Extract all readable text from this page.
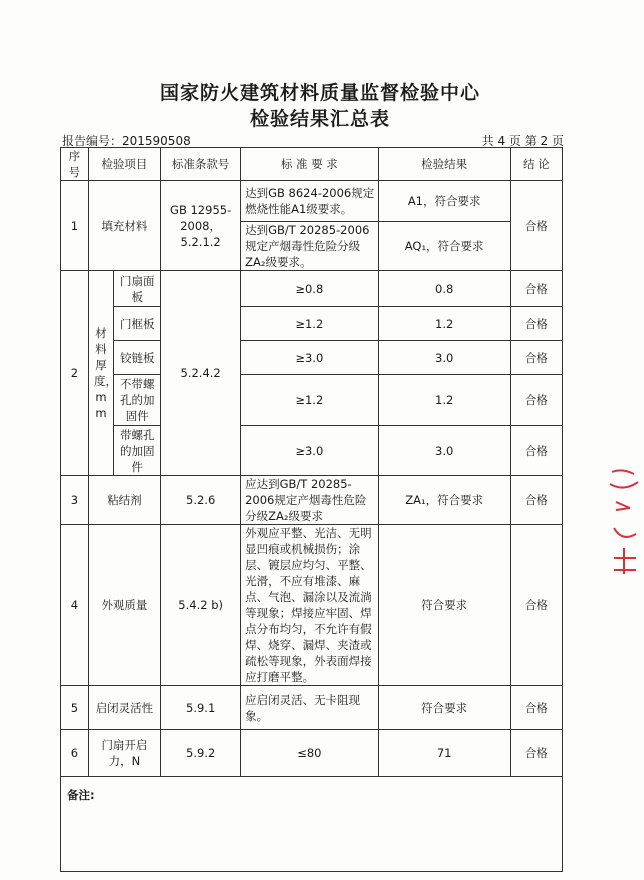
国家防火建筑材料质量监督检验中心
检验结果汇总表
报告编号：201590508	共 4 页 第 2 页
序号	检验项目		标准条款号	标 准 要 求	检验结果	结 论
1	填充材料		GB 12955-2008，5.2.1.2	达到GB 8624-2006规定燃烧性能A1级要求。	A1，符合要求	合格
				达到GB/T 20285-2006规定产烟毒性危险分级ZA₂级要求。	AQ₁，符合要求	
2	材料厚度，mm	门扇面板	5.2.4.2	≥0.8	0.8	合格
		门框板		≥1.2	1.2	合格
		铰链板		≥3.0	3.0	合格
		不带螺孔的加固件		≥1.2	1.2	合格
		带螺孔的加固件		≥3.0	3.0	合格
3	粘结剂		5.2.6	应达到GB/T 20285-2006规定产烟毒性危险分级ZA₂级要求	ZA₁，符合要求	合格
4	外观质量		5.4.2 b)	外观应平整、光洁、无明显凹痕或机械损伤；涂层、镀层应均匀、平整、光滑，不应有堆漆、麻点、气泡、漏涂以及流淌等现象；焊接应牢固、焊点分布均匀，不允许有假焊、烧穿、漏焊、夹渣或疏松等现象，外表面焊接应打磨平整。	符合要求	合格
5	启闭灵活性		5.9.1	应启闭灵活、无卡阻现象。	符合要求	合格
6	门扇开启力，N		5.9.2	≤80	71	合格
备注:						
